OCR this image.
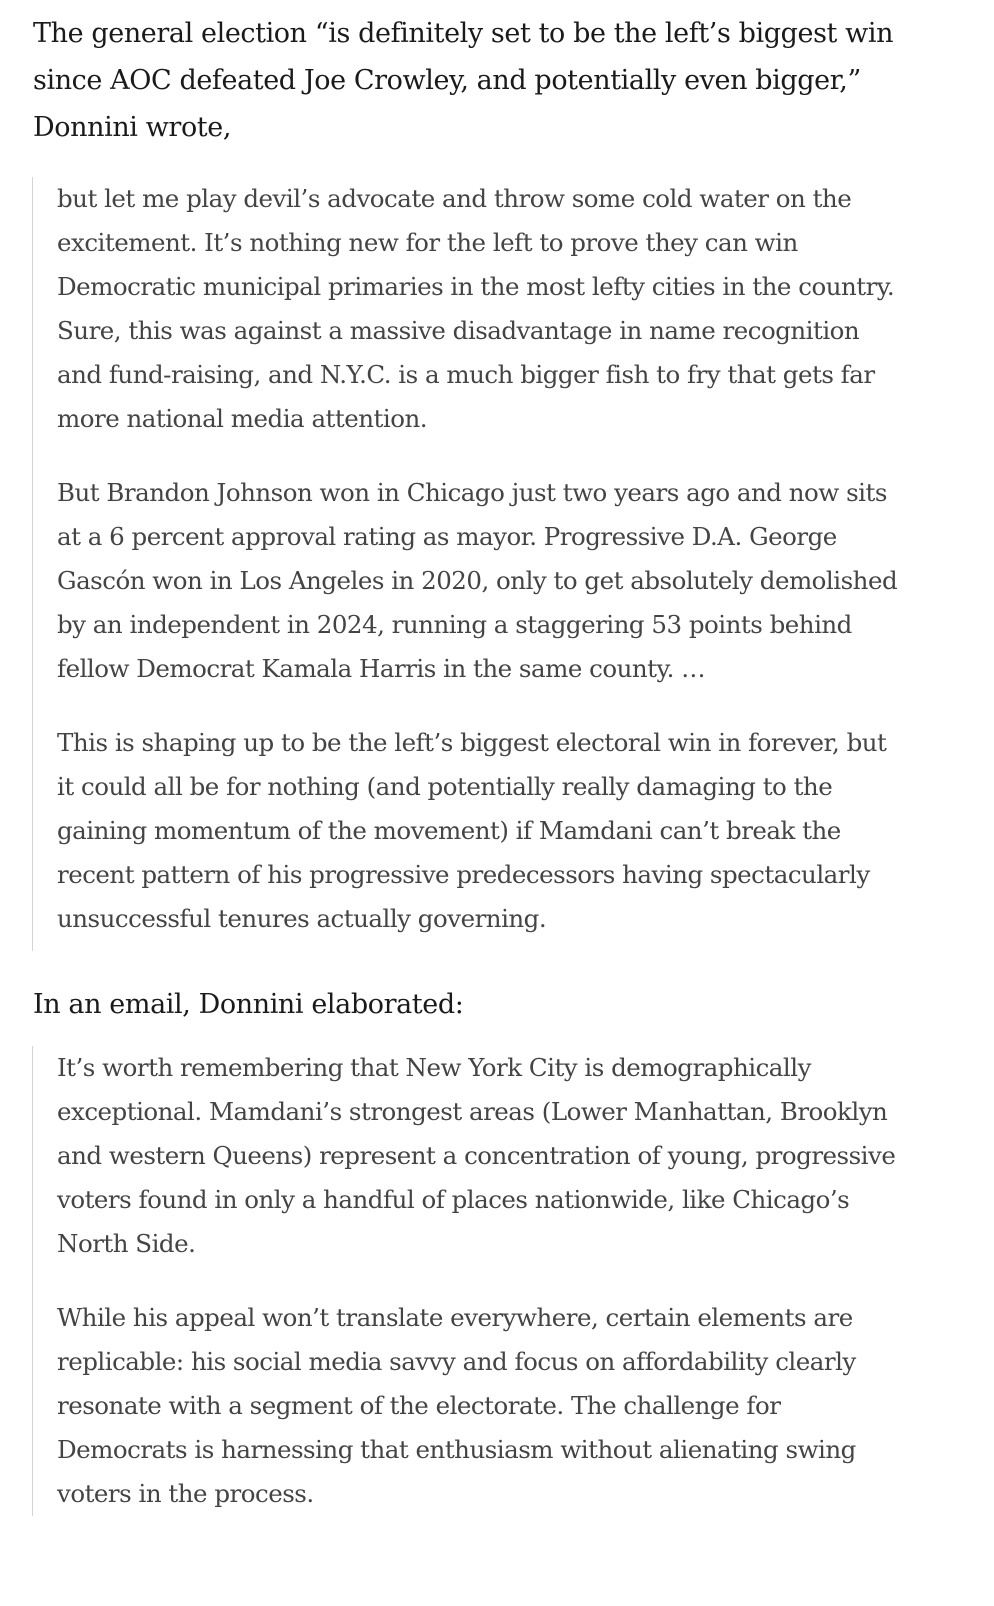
The general election “is definitely set to be the left’s biggest win since AOC defeated Joe Crowley, and potentially even bigger,” Donnini wrote,

but let me play devil’s advocate and throw some cold water on the excitement. It’s nothing new for the left to prove they can win Democratic municipal primaries in the most lefty cities in the country. Sure, this was against a massive disadvantage in name recognition and fund-raising, and N.Y.C. is a much bigger fish to fry that gets far more national media attention.

But Brandon Johnson won in Chicago just two years ago and now sits at a 6 percent approval rating as mayor. Progressive D.A. George Gascón won in Los Angeles in 2020, only to get absolutely demolished by an independent in 2024, running a staggering 53 points behind fellow Democrat Kamala Harris in the same county. …

This is shaping up to be the left’s biggest electoral win in forever, but it could all be for nothing (and potentially really damaging to the gaining momentum of the movement) if Mamdani can’t break the recent pattern of his progressive predecessors having spectacularly unsuccessful tenures actually governing.

In an email, Donnini elaborated:

It’s worth remembering that New York City is demographically exceptional. Mamdani’s strongest areas (Lower Manhattan, Brooklyn and western Queens) represent a concentration of young, progressive voters found in only a handful of places nationwide, like Chicago’s North Side.

While his appeal won’t translate everywhere, certain elements are replicable: his social media savvy and focus on affordability clearly resonate with a segment of the electorate. The challenge for Democrats is harnessing that enthusiasm without alienating swing voters in the process.
